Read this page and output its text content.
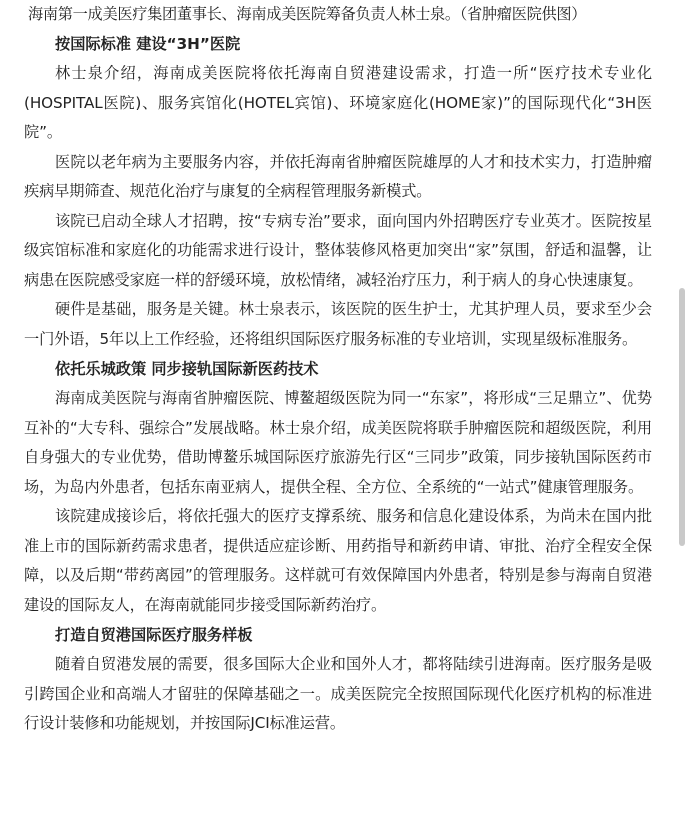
海南第一成美医疗集团董事长、海南成美医院筹备负责人林士泉。（省肿瘤医院供图）

按国际标准 建设“3H”医院

林士泉介绍，海南成美医院将依托海南自贸港建设需求，打造一所“医疗技术专业化(HOSPITAL医院)、服务宾馆化(HOTEL宾馆)、环境家庭化(HOME家)”的国际现代化“3H医院”。

医院以老年病为主要服务内容，并依托海南省肿瘤医院雄厚的人才和技术实力，打造肿瘤疾病早期筛查、规范化治疗与康复的全病程管理服务新模式。

该院已启动全球人才招聘，按“专病专治”要求，面向国内外招聘医疗专业英才。医院按星级宾馆标准和家庭化的功能需求进行设计，整体装修风格更加突出“家”氛围，舒适和温馨，让病患在医院感受家庭一样的舒缓环境，放松情绪，减轻治疗压力，利于病人的身心快速康复。

硬件是基础，服务是关键。林士泉表示，该医院的医生护士，尤其护理人员，要求至少会一门外语，5年以上工作经验，还将组织国际医疗服务标准的专业培训，实现星级标准服务。

依托乐城政策 同步接轨国际新医药技术

海南成美医院与海南省肿瘤医院、博鳌超级医院为同一“东家”，将形成“三足鼎立”、优势互补的“大专科、强综合”发展战略。林士泉介绍，成美医院将联手肿瘤医院和超级医院，利用自身强大的专业优势，借助博鳌乐城国际医疗旅游先行区“三同步”政策，同步接轨国际医药市场，为岛内外患者，包括东南亚病人，提供全程、全方位、全系统的“一站式”健康管理服务。

该院建成接诊后，将依托强大的医疗支撑系统、服务和信息化建设体系，为尚未在国内批准上市的国际新药需求患者，提供适应症诊断、用药指导和新药申请、审批、治疗全程安全保障，以及后期“带药离园”的管理服务。这样就可有效保障国内外患者，特别是参与海南自贸港建设的国际友人，在海南就能同步接受国际新药治疗。

打造自贸港国际医疗服务样板

随着自贸港发展的需要，很多国际大企业和国外人才，都将陆续引进海南。医疗服务是吸引跨国企业和高端人才留驻的保障基础之一。成美医院完全按照国际现代化医疗机构的标准进行设计装修和功能规划，并按国际JCI标准运营。
